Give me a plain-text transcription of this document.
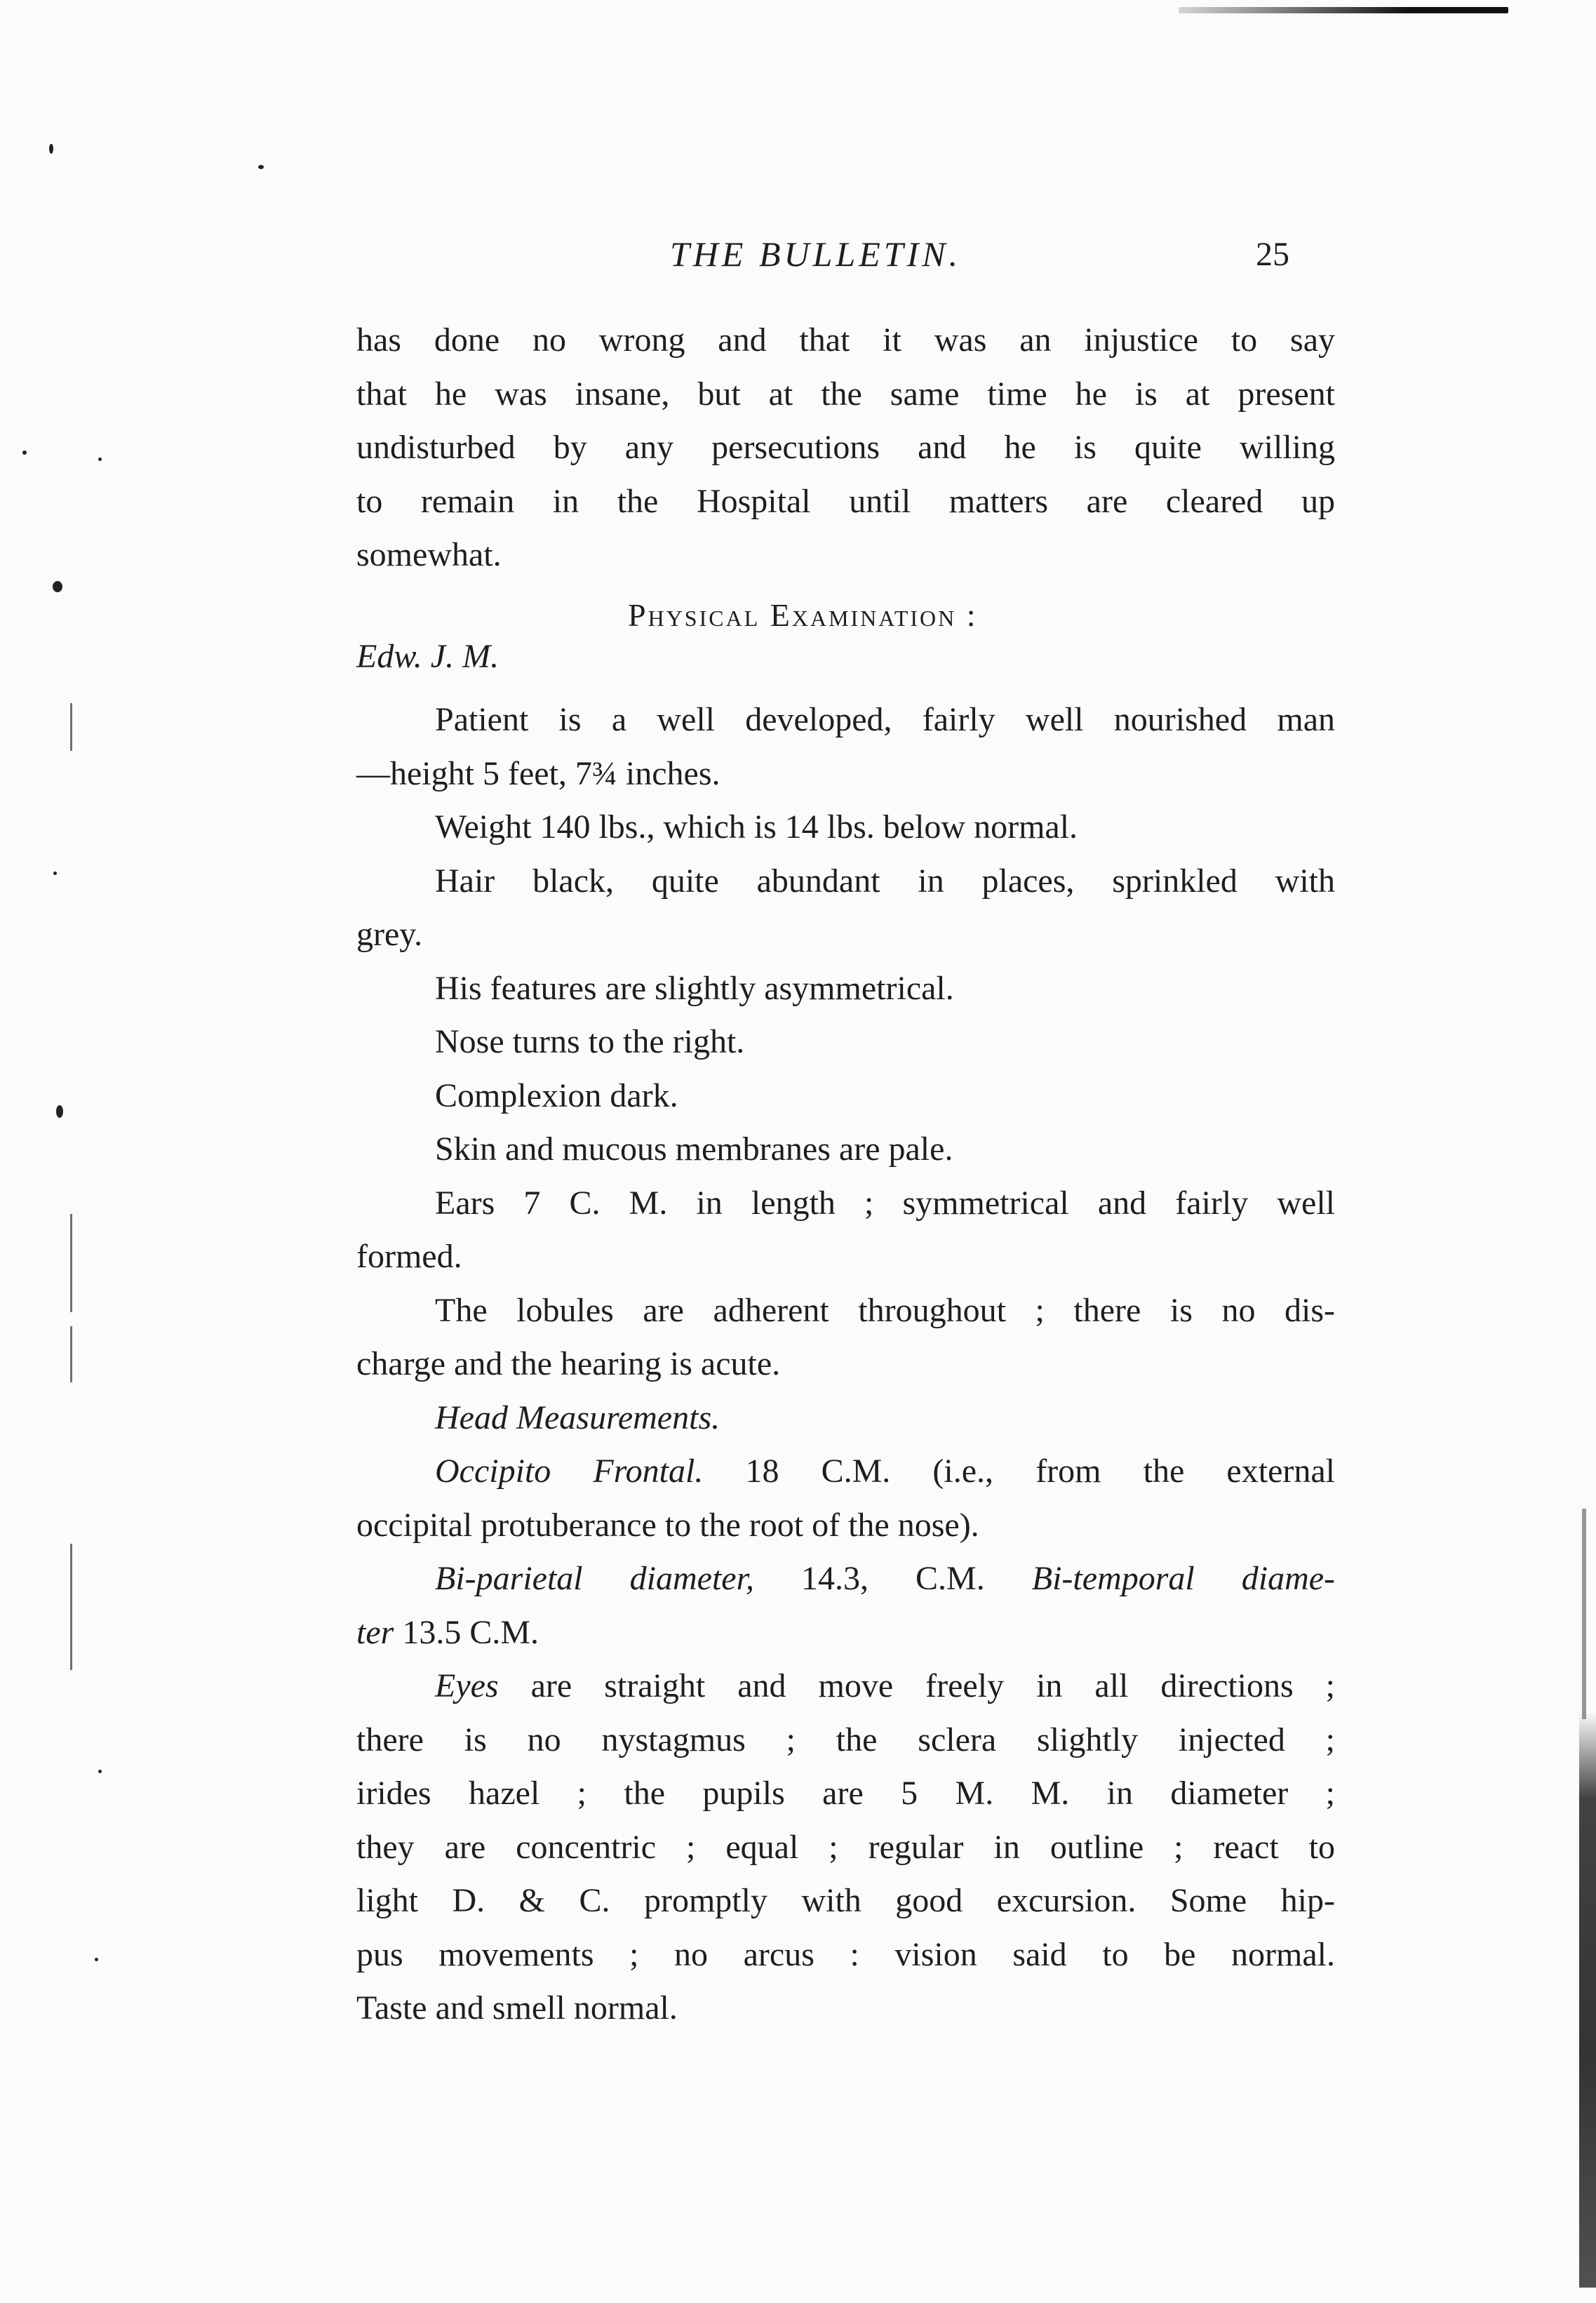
THE BULLETIN.	25
has done no wrong and that it was an injustice to say
that he was insane, but at the same time he is at present
undisturbed by any persecutions and he is quite willing
to remain in the Hospital until matters are cleared up
somewhat.
Physical Examination :
Edw. J. M.
Patient is a well developed, fairly well nourished man
—height 5 feet, 7¾ inches.
Weight 140 lbs., which is 14 lbs. below normal.
Hair black, quite abundant in places, sprinkled with
grey.
His features are slightly asymmetrical.
Nose turns to the right.
Complexion dark.
Skin and mucous membranes are pale.
Ears 7 C. M. in length ; symmetrical and fairly well
formed.
The lobules are adherent throughout ; there is no dis-
charge and the hearing is acute.
Head Measurements.
Occipito Frontal. 18 C.M. (i.e., from the external
occipital protuberance to the root of the nose).
Bi-parietal diameter, 14.3, C.M. Bi-temporal diame-
ter 13.5 C.M.
Eyes are straight and move freely in all directions ;
there is no nystagmus ; the sclera slightly injected ;
irides hazel ; the pupils are 5 M. M. in diameter ;
they are concentric ; equal ; regular in outline ; react to
light D. & C. promptly with good excursion. Some hip-
pus movements ; no arcus : vision said to be normal.
Taste and smell normal.
